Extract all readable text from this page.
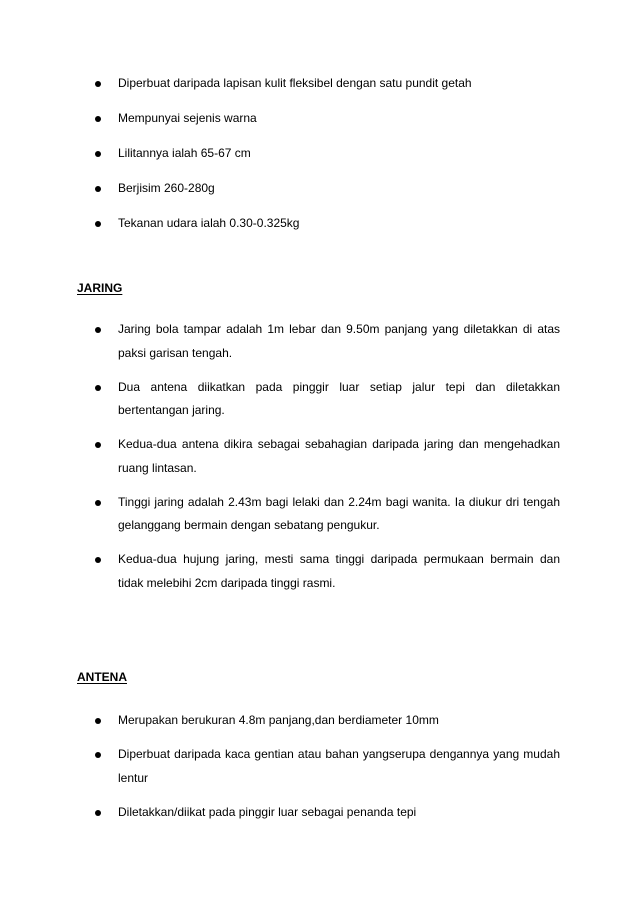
Diperbuat daripada lapisan kulit fleksibel dengan satu pundit getah
Mempunyai sejenis warna
Lilitannya ialah 65-67 cm
Berjisim 260-280g
Tekanan udara ialah 0.30-0.325kg
JARING
Jaring bola tampar adalah 1m lebar dan 9.50m panjang yang diletakkan di atas paksi garisan tengah.
Dua antena diikatkan pada pinggir luar setiap jalur tepi dan diletakkan bertentangan jaring.
Kedua-dua antena dikira sebagai sebahagian daripada jaring dan mengehadkan ruang lintasan.
Tinggi jaring adalah 2.43m bagi lelaki dan 2.24m bagi wanita. Ia diukur dri tengah gelanggang bermain dengan sebatang pengukur.
Kedua-dua hujung jaring, mesti sama tinggi daripada permukaan bermain dan tidak melebihi 2cm daripada tinggi rasmi.
ANTENA
Merupakan berukuran 4.8m panjang,dan berdiameter 10mm
Diperbuat daripada kaca gentian atau bahan yangserupa dengannya yang mudah lentur
Diletakkan/diikat pada pinggir luar sebagai penanda tepi
